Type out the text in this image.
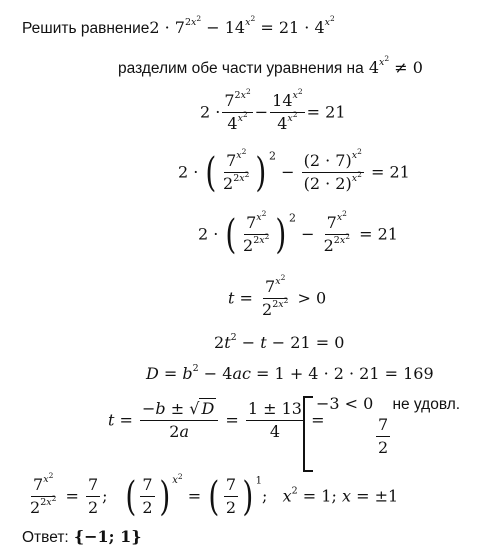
Решить равнение2 · $7^{2x^2} - 14^{x^2} = 21 \cdot 4^{x^2}$
разделим обе части уравнения на $4^{x^2} \ne 0$
$2 \cdot \frac{7^{2x^2}}{4^{x^2}} - \frac{14^{x^2}}{4^{x^2}} = 21$
2 · ( $\frac{7^{x^2}}{2^{2x^2}}$ ) $^2 - \frac{(2 \cdot 7)^{x^2}}{(2 \cdot 2)^{x^2}} = 21$
2 · ( $\frac{7^{x^2}}{2^{2x^2}}$ ) $^2 - \frac{7^{x^2}}{2^{2x^2}} = 21$
$t = \frac{7^{x^2}}{2^{2x^2}} > 0$
$2t^2 - t - 21 = 0$
$D = b^2 - 4ac = 1 + 4 \cdot 2 \cdot 21 = 169$
$t = \frac{-b \pm √ D}{2a} = \frac{1 \pm 13}{4}$ =
−3 < 0 не удовл.
$\frac{7}{2}$
$\frac{7^{x^2}}{2^{2x^2}} = \frac{7}{2}$ ;   ( $\frac{7}{2}$ ) $^{x^2}$ = ( $\frac{7}{2}$ ) $^1$;   $x^2 = 1$; x = ±1
Ответ: {−1; 1}
